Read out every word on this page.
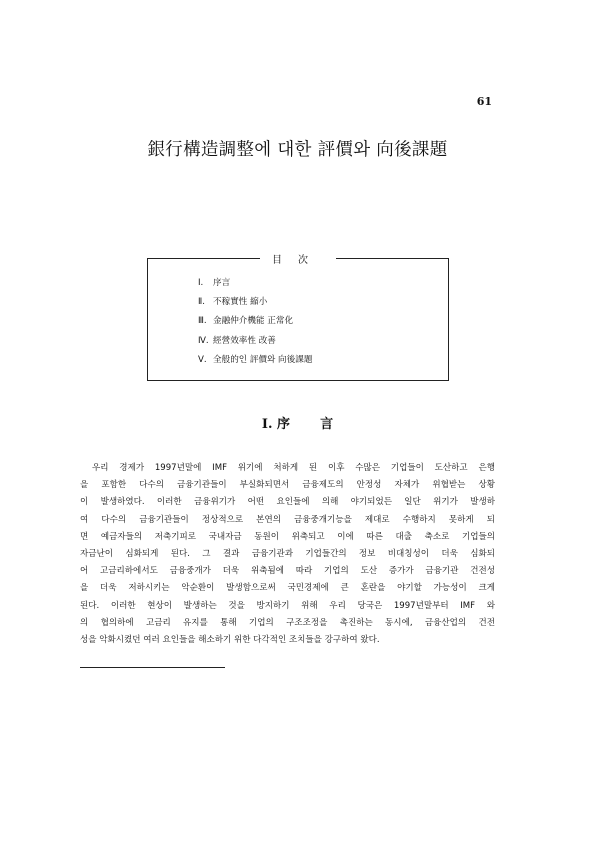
61
銀行構造調整에 대한 評價와 向後課題
目次
Ⅰ. 序言
Ⅱ. 不稼實性 縮小
Ⅲ. 金融仲介機能 正常化
Ⅳ. 經營效率性 改善
Ⅴ. 全般的인 評價와 向後課題
Ⅰ. 序 言
우리 경제가 1997년말에 IMF 위기에 처하게 된 이후 수많은 기업들이 도산하고 은행
을 포함한 다수의 금융기관들이 부실화되면서 금융제도의 안정성 자체가 위협받는 상황
이 발생하였다. 이러한 금융위기가 어떤 요인들에 의해 야기되었든 일단 위기가 발생하
여 다수의 금융기관들이 정상적으로 본연의 금융중개기능을 제대로 수행하지 못하게 되
면 예금자들의 저축기피로 국내자금 동원이 위축되고 이에 따른 대출 축소로 기업들의
자금난이 심화되게 된다. 그 결과 금융기관과 기업들간의 정보 비대칭성이 더욱 심화되
어 고금리하에서도 금융중개가 더욱 위축됨에 따라 기업의 도산 증가가 금융기관 건전성
을 더욱 저하시키는 악순환이 발생함으로써 국민경제에 큰 혼란을 야기할 가능성이 크게
된다. 이러한 현상이 발생하는 것을 방지하기 위해 우리 당국은 1997년말부터 IMF 와
의 협의하에 고금리 유지를 통해 기업의 구조조정을 촉진하는 동시에, 금융산업의 건전
성을 악화시켰던 여러 요인들을 해소하기 위한 다각적인 조치들을 강구하여 왔다.
